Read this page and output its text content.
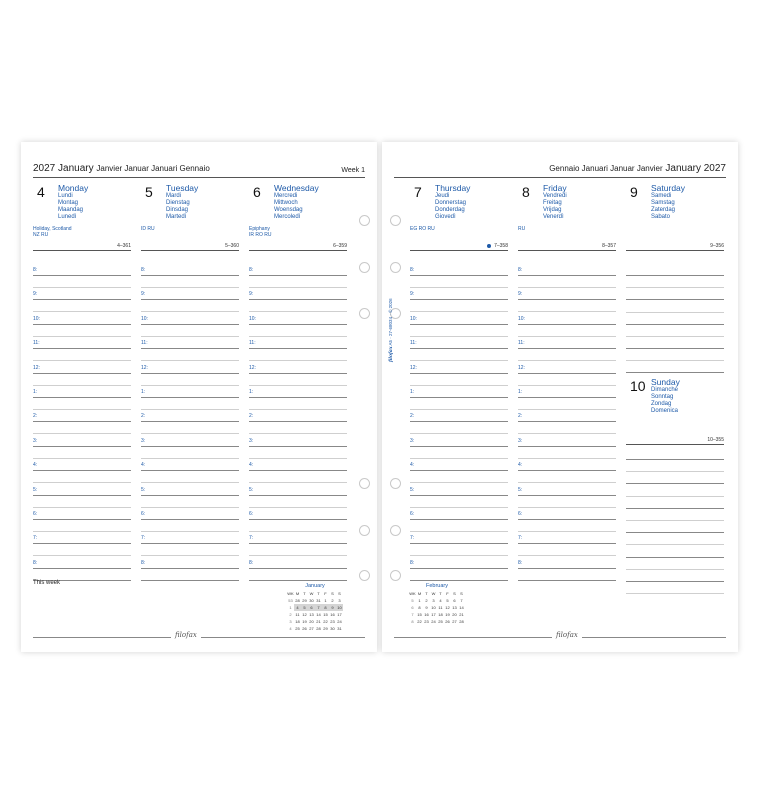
2027 January Janvier Januar Januari Gennaio	Week 1
4 Monday
Lundi
Montag
Maandag
Lunedì
Holiday, Scotland
NZ RU
4–361
8:
9:
10:
11:
12:
1:
2:
3:
4:
5:
6:
7:
8:
5 Tuesday
Mardi
Dienstag
Dinsdag
Martedì
ID RU
5–360
8:
9:
10:
11:
12:
1:
2:
3:
4:
5:
6:
7:
8:
6 Wednesday
Mercredi
Mittwoch
Woensdag
Mercoledì
Epiphany
IR RO RU
6–359
8:
9:
10:
11:
12:
1:
2:
3:
4:
5:
6:
7:
8:
This week	January
WK	M	T	W	T	F	S	S
53	28	29	30	31	1	2	3
1	4	5	6	7	8	9	10
2	11	12	13	14	15	16	17
3	18	19	20	21	22	23	24
4	25	26	27	28	29	30	31
filofax
Gennaio Januari Januar Janvier January 2027
7 Thursday
Jeudi
Donnerstag
Donderdag
Giovedì
EG RO RU
7–358
8:
9:
10:
11:
12:
1:
2:
3:
4:
5:
6:
7:
8:
8 Friday
Vendredi
Freitag
Vrijdag
Venerdì
RU
8–357
8:
9:
10:
11:
12:
1:
2:
3:
4:
5:
6:
7:
8:
9 Saturday
Samedi
Samstag
Zaterdag
Sabato
9–356
10 Sunday
Dimanche
Sonntag
Zondag
Domenica
10–355
February
WK	M	T	W	T	F	S	S
5	1	2	3	4	5	6	7
6	8	9	10	11	12	13	14
7	15	16	17	18	19	20	21
8	22	23	24	25	26	27	28
filofax
filofax A5 · 27-68034 · © 2026
